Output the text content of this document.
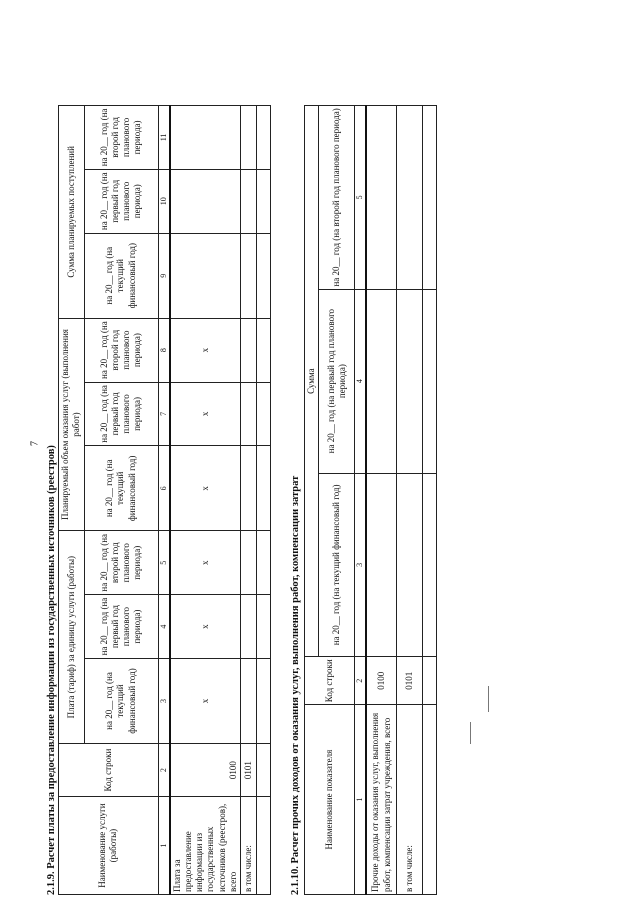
7
2.1.9. Расчет платы за предоставление информации из государственных источников (реестров)	Наименование услуги (работы)	Код строки	Плата (тариф) за единицу услуги (работы)			Планируемый объем оказания услуг (выполнения работ)			Сумма планируемых поступлений		
		на 20__ год (на текущий финансовый год)	на 20__ год (на первый год планового периода)	на 20__ год (на второй год планового периода)	на 20__ год (на текущий финансовый год)	на 20__ год (на первый год планового периода)	на 20__ год (на второй год планового периода)	на 20__ год (на текущий финансовый год)	на 20__ год (на первый год планового периода)	на 20__ год (на второй год планового периода)
1	2	3	4	5	6	7	8	9	10	11
Плата за предоставление информации из государственных источников (реестров), всего	0100	х	х	х	х	х	х			
в том числе:	0101									
											2.1.10. Расчет прочих доходов от оказания услуг, выполнения работ, компенсации затрат	Наименование показателя	Код строки	Сумма		
		на 20__ год (на текущий финансовый год)	на 20__ год (на первый год планового периода)	на 20__ год (на второй год планового периода)
1	2	3	4	5
Прочие доходы от оказания услуг, выполнения работ, компенсации затрат учреждения, всего	0100			
в том числе:	0101			
